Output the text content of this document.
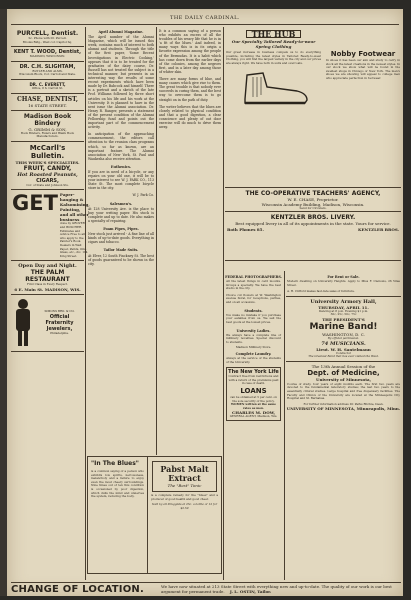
THE DAILY CARDINAL.
PURCELL, Dentist.
Sc. Phone with Dr. Purcell.
Brooks Bldg., West cor. Capitol Sq.
KENT T. WOOD, Dentist,
MADISON, WISCONSIN.
DR. C.H. SLIGHTAM,
BUTLER AND ALMS.
Wisconsin Block, Cor. Carroll and State.
DR. C. EVERETT,
Office, 8 S. Carroll St.
CHASE, DENTIST,
16 STATE STREET.
Madison Book Bindery
G. GRIMM & SON,
Book Binders, Rulers and Blank Book Manufacturers.
McCarll's Bulletin.
THIS WEEK'S SPECIALTIES.
FRUIT, CANDY,
Hot Roasted Peanuts,
CIGARS,
Cor. of State and Johnson Sts.
GET Paper-hanging & Kalsomining, Painting, and all other business
done by GROVER and BOSCHER. Estimates and Advice Free to all who apply to the Painter's Book. Dealers in Wall Paper, Paints, Oils, Glass, etc., &c. 114 King Street.
Open Day and Night.
THE PALM RESTAURANT
First Class in Every Respect.
6 E. Main St. MADISON, WIS.
SIMONS BRO. & CO.
Official Fraternity Jewelers,
Philadelphia.
April Alumni Magazine.
The April number of the Alumni Magazine, which will be issued this week, contains much of interest to both alumni and students. Through the title of the first paper, 'Some Recent Investigations in Electric Cooking,' appears that it is to be treated for the graduates of the dairy course, Dr. Russell has not treated the subject in a technical manner, but presents in an interesting way the results of some recent experiments which have been made by Dr. Babcock and himself. There is a portrait and a sketch of the late Prof. Williams followed by three short articles on his life and his work at the University. It is planned to have in the next issue the Alumni association. Dr. Henry R. Ranger, presents a statement of the present condition of the Alumni Fellowship fund and points out the important part of the commencement activity.
In anticipation of the approaching commencement, the editors call attention to the reunion class programs which, so far as known, are an important feature. The Alumni association of New York, St. Paul and Waukesha also receive attention.
Euthenics.
If you are in need of a bicycle, or any repairs on your old one, it will be to your interest to see W. J. PARK CO., 113 State St. The most complete bicycle store in the city.
W. J. Park Co.
Salesmen's.
At 128 University Ave. is the place to buy your writing paper. His stock is complete and up to date. He also makes a specialty of repairing.
Foam Pipes, Pipes.
New stock just arrived - A fine line of all kinds of up-to-date goods. Everything in cigars and tobacco.
Tailor Made Suits.
At Elver, 12 South Pinckney St. The best of goods guaranteed to be shown in the city.
It is a common saying of a person who exhibits an excess of all the troubles of his weary life that he is in 'a fit of the blues.' And indeed, in many ways this is in its origin a favorite expression among the people of the Bermudas. It is a habit which has come down from the earlier days of the colonies, among the negroes first, and in a later day among those of whiter skin.
There are many forms of blue, and many causes which give rise to them. The great trouble is that nobody ever succeeds in curing them, and the best way to overcome them is to go straight on in the path of duty.
The writer believes that the blues are closely related to physical condition and that a good digestion, a clear conscience and plenty of out door exercise will do much to drive them away.
"In The Blues"
is a common saying of a person who exhibits low spirits, nervousness, melancholy and a failure to enjoy even the most cheery surroundings. Nine times out of ten this condition is occasioned by poor digestion, which dulls the mind and unnerves the system, reducing the body.
Pabst Malt Extract
The "Best" Tonic
is a complete remedy for the "blues" and a producer of good health and good cheer.
Sold by all Druggists at 25c. a bottle or 12 for $2.50
THE HUB
Our Specialty Tailored Ready-to-wear Spring Clothing
Our great increase in business compels us to do everything possible, including the latest styles in Tailored Ready-to-wear Clothing, you will find the largest variety in the city and our prices are always right. We have both in suits and overcoats.
Nobby Footwear
In shoes it has been our aim and study to carry in stock all the latest creations in the newest styles. In our stock we show what will be found in the swellest shops in Chicago or New York. The men's shoes we are showing will appeal to college men who appreciate perfection in footwear.
THE CO-OPERATIVE TEACHERS' AGENCY,
W. E. CHASE, Proprietor.
Wisconsin Academy Building, Madison, Wisconsin.
Send for Circulars.
KENTZLER BROS. LIVERY.
Best equipped livery in all of its appointments in the state. Yours for service.
Both Phones 85.	KENTZLER BROS.
FEDERAL PHOTOGRAPHERS.
All the latest things in card mounts. Groups a specialty. We have the best studio in the city.
Choice cut flowers at W. Washington avenue floral, for receptions, parties, and on all occasions.
Students.
You make no mistake if you purchase your eatables from us. We sell the best goods at the lowest prices.
University Ladies.
We always have a complete line of millinery novelties. Special discount to students.
Madison Millinery Store.
Complete Laundry.
Always at the service of the students of the University.
The New York Life
Contract free from restrictions and with a return of the premiums paid in case of death.
LOANS
can be obtained at 5 per cent. on the sole security of the policy.
WOMEN written at the same rates as men.
CHARLES M. DOW,
GENERAL AGENT, Madison, Wis.
For Rent or Sale.
Modern dwelling on University Heights. Apply to Miss F. Clemons, 26 Vilas Street.
A. H. Clifford makes fast-rate sales of furniture.
University Armory Hall,
THURSDAY, APRIL 11.
Dancing at 8 p.m. Evening $1 p.m.
30c, 25c, 50c, 75c
THE PRESIDENT'S
Marine Band!
WASHINGTON, D. C.
By official permission.
74 MUSICIANS.
Lieut. W. H. Santelmann
Conductor
The Greatest Band that has ever visited the West.
The 13th Annual Session of the
Dept. of Medicine,
University of Minnesota,
Course of study, four years of eight months each. The first two years are devoted to the fundamental laboratory studies; the last two years to the essentially clinical studies. Large hospital and free dispensary facilities. The Faculty and Clinics of the University are located at the Minneapolis City Hospital and St. Barnabas.
For further information address Dr. Parks Ritchie, Dean.
UNIVERSITY OF MINNESOTA, Minneapolis, Minn.
CHANGE OF LOCATION.	We have now situated at 213 State Street with everything new and up-to-date. The quality of our work is our best argument for permanent trade. J. L. OSTIN, Tailor.
